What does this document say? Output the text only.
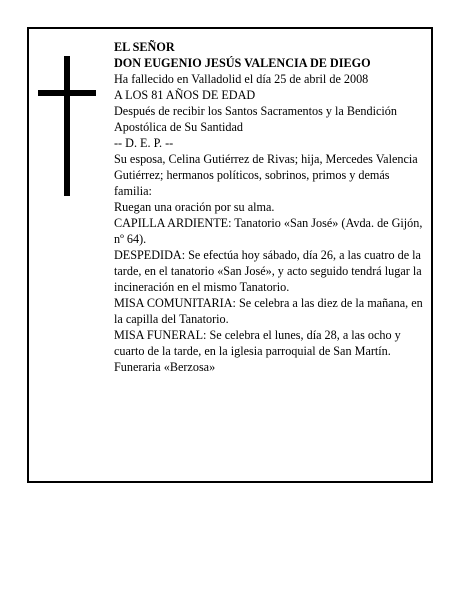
EL SEÑOR

DON EUGENIO JESÚS VALENCIA DE DIEGO

Ha fallecido en Valladolid el día 25 de abril de 2008

A LOS 81 AÑOS DE EDAD

Después de recibir los Santos Sacramentos y la Bendición Apostólica de Su Santidad

-- D. E. P. --

Su esposa, Celina Gutiérrez de Rivas; hija, Mercedes Valencia Gutiérrez; hermanos políticos, sobrinos, primos y demás familia:

Ruegan una oración por su alma.

CAPILLA ARDIENTE: Tanatorio «San José» (Avda. de Gijón, nº 64).

DESPEDIDA: Se efectúa hoy sábado, día 26, a las cuatro de la tarde, en el tanatorio «San José», y acto seguido tendrá lugar la incineración en el mismo Tanatorio.

MISA COMUNITARIA: Se celebra a las diez de la mañana, en la capilla del Tanatorio.

MISA FUNERAL: Se celebra el lunes, día 28, a las ocho y cuarto de la tarde, en la iglesia parroquial de San Martín.

Funeraria «Berzosa»
